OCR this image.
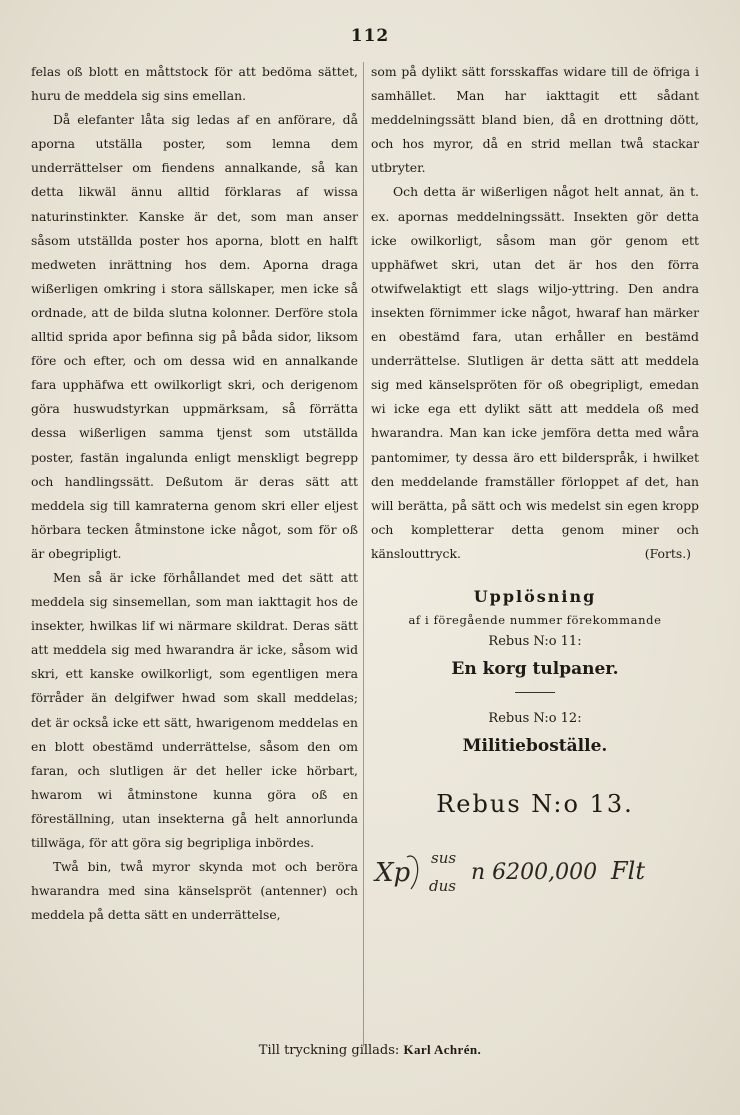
112

felas oß blott en måttstock för att bedöma sättet, huru de meddela sig sins emellan.

Då elefanter låta sig ledas af en anförare, då aporna utställa poster, som lemna dem underrättelser om fiendens annalkande, så kan detta likwäl ännu alltid förklaras af wissa naturinstinkter. Kanske är det, som man anser såsom utställda poster hos aporna, blott en halft medweten inrättning hos dem. Aporna draga wißerligen omkring i stora sällskaper, men icke så ordnade, att de bilda slutna kolonner. Derföre stola alltid sprida apor befinna sig på båda sidor, liksom före och efter, och om dessa wid en annalkande fara upphäfwa ett owilkorligt skri, och derigenom göra huswudstyrkan uppmärksam, så förrätta dessa wißerligen samma tjenst som utställda poster, fastän ingalunda enligt menskligt begrepp och handlingssätt. Deßutom är deras sätt att meddela sig till kamraterna genom skri eller eljest hörbara tecken åtminstone icke något, som för oß är obegripligt.

Men så är icke förhållandet med det sätt att meddela sig sinsemellan, som man iakttagit hos de insekter, hwilkas lif wi närmare skildrat. Deras sätt att meddela sig med hwarandra är icke, såsom wid skri, ett kanske owilkorligt, som egentligen mera förråder än delgifwer hwad som skall meddelas; det är också icke ett sätt, hwarigenom meddelas en en blott obestämd underrättelse, såsom den om faran, och slutligen är det heller icke hörbart, hwarom wi åtminstone kunna göra oß en föreställning, utan insekterna gå helt annorlunda tillwäga, för att göra sig begripliga inbördes.

Twå bin, twå myror skynda mot och beröra hwarandra med sina känselspröt (antenner) och meddela på detta sätt en underrättelse,

som på dylikt sätt forsskaffas widare till de öfriga i samhället. Man har iakttagit ett sådant meddelningssätt bland bien, då en drottning dött, och hos myror, då en strid mellan twå stackar utbryter.

Och detta är wißerligen något helt annat, än t. ex. apornas meddelningssätt. Insekten gör detta icke owilkorligt, såsom man gör genom ett upphäfwet skri, utan det är hos den förra otwifwelaktigt ett slags wiljo-yttring. Den andra insekten förnimmer icke något, hwaraf han märker en obestämd fara, utan erhåller en bestämd underrättelse. Slutligen är detta sätt att meddela sig med känselspröten för oß obegripligt, emedan wi icke ega ett dylikt sätt att meddela oß med hwarandra. Man kan icke jemföra detta med wåra pantomimer, ty dessa äro ett bilderspråk, i hwilket den meddelande framställer förloppet af det, han will berätta, på sätt och wis medelst sin egen kropp och kompletterar detta genom miner och känslouttryck.	(Forts.)
Upplösning
af i föregående nummer förekommande
Rebus N:o 11:
En korg tulpaner.
Rebus N:o 12:
Militieboställe.
Rebus N:o 13.
Xp sus
dus
n 6200,000 Flt
Till tryckning gillads: Karl Achrén.
